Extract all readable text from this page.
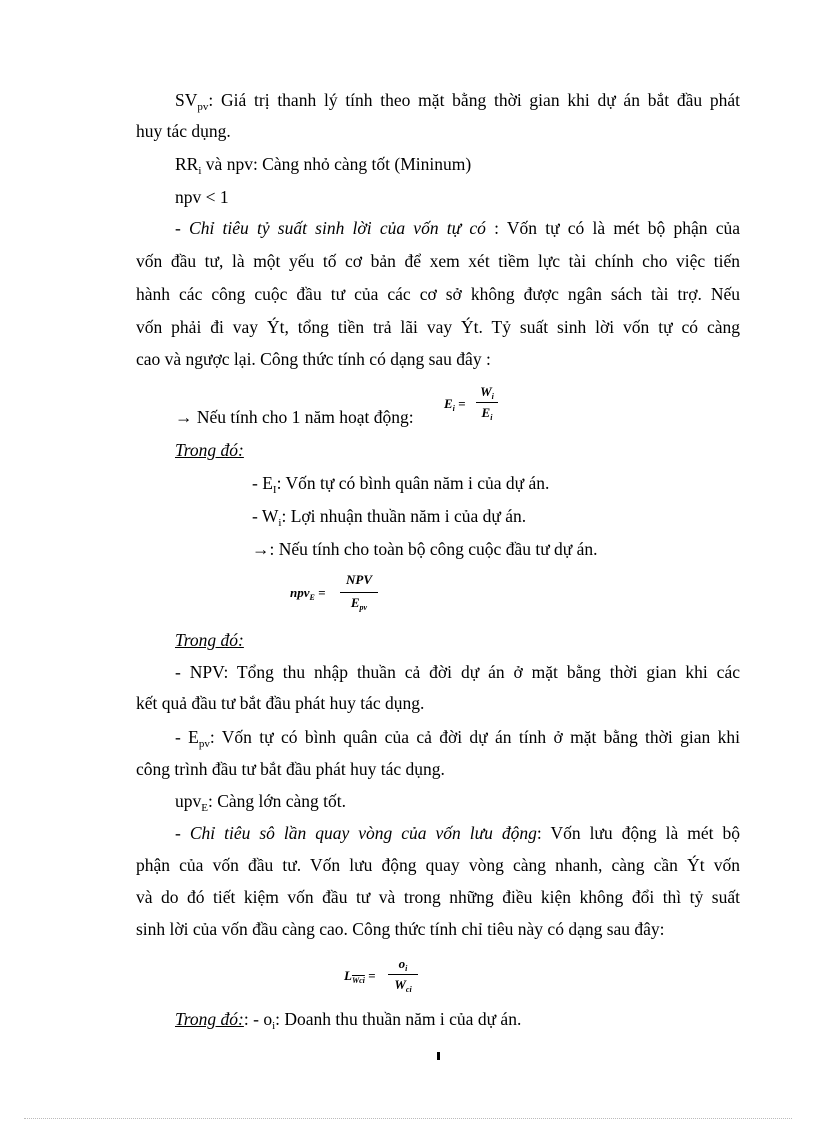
$SV_{pv}$: Giá trị thanh lý tính theo mặt bằng thời gian khi dự án bắt đầu phát
huy tác dụng.
$RR_i$ và npv: Càng nhỏ càng tốt (Mininum)
npv < 1
- Chỉ tiêu tỷ suất sinh lời của vốn tự có : Vốn tự có là mét bộ phận của
vốn đầu tư, là một yếu tố cơ bản để xem xét tiềm lực tài chính cho việc tiến
hành các công cuộc đầu tư của các cơ sở không được ngân sách tài trợ. Nếu
vốn phải đi vay Ýt, tổng tiền trả lãi vay Ýt. Tỷ suất sinh lời vốn tự có càng
cao và ngược lại. Công thức tính có dạng sau đây :
→ Nếu tính cho 1 năm hoạt động:
$E_i$ =
$W_i$
$E_i$
Trong đó:
- $E_I$: Vốn tự có bình quân năm i của dự án.
- $W_i$: Lợi nhuận thuần năm i của dự án.
→: Nếu tính cho toàn bộ công cuộc đầu tư dự án.
npv$_E$ =
NPV
$E_{pv}$
Trong đó:
- NPV: Tổng thu nhập thuần cả đời dự án ở mặt bằng thời gian khi các
kết quả đầu tư bắt đầu phát huy tác dụng.
- $E_{pv}$: Vốn tự có bình quân của cả đời dự án tính ở mặt bằng thời gian khi
công trình đầu tư bắt đầu phát huy tác dụng.
upv$_E$: Càng lớn càng tốt.
- Chỉ tiêu sô lần quay vòng của vốn lưu động: Vốn lưu động là mét bộ
phận của vốn đầu tư. Vốn lưu động quay vòng càng nhanh, càng cần Ýt vốn
và do đó tiết kiệm vốn đầu tư và trong những điều kiện không đổi thì tỷ suất
sinh lời của vốn đầu càng cao. Công thức tính chỉ tiêu này có dạng sau đây:
$L_{\overline{Wci}}$ =
$o_i$
$W_{ci}$
Trong đó:: - $o_i$: Doanh thu thuần năm i của dự án.
